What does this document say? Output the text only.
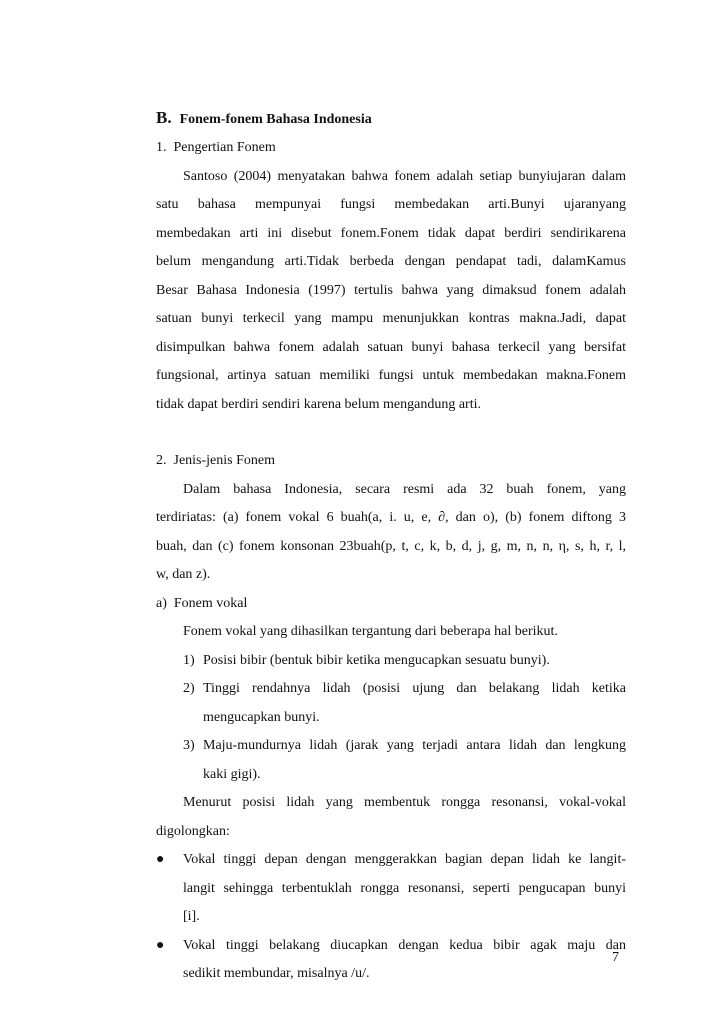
B. Fonem-fonem Bahasa Indonesia
1.  Pengertian Fonem
Santoso (2004) menyatakan bahwa fonem adalah setiap bunyiujaran dalam
satu bahasa mempunyai fungsi membedakan arti.Bunyi ujaranyang
membedakan arti ini disebut fonem.Fonem tidak dapat berdiri sendirikarena
belum mengandung arti.Tidak berbeda dengan pendapat tadi, dalamKamus
Besar Bahasa Indonesia (1997) tertulis bahwa yang dimaksud fonem adalah
satuan bunyi terkecil yang mampu menunjukkan kontras makna.Jadi, dapat
disimpulkan bahwa fonem adalah satuan bunyi bahasa terkecil yang bersifat
fungsional, artinya satuan memiliki fungsi untuk membedakan makna.Fonem
tidak dapat berdiri sendiri karena belum mengandung arti.
2.  Jenis-jenis Fonem
Dalam bahasa Indonesia, secara resmi ada 32 buah fonem, yang
terdiriatas: (a) fonem vokal 6 buah(a, i. u, e, ∂, dan o), (b) fonem diftong 3
buah, dan (c) fonem konsonan 23buah(p, t, c, k, b, d, j, g, m, n, n, η, s, h, r, l,
w, dan z).
a)  Fonem vokal
Fonem vokal yang dihasilkan tergantung dari beberapa hal berikut.
1) Posisi bibir (bentuk bibir ketika mengucapkan sesuatu bunyi).
2) Tinggi rendahnya lidah (posisi ujung dan belakang lidah ketika
mengucapkan bunyi.
3) Maju-mundurnya lidah (jarak yang terjadi antara lidah dan lengkung
kaki gigi).
Menurut posisi lidah yang membentuk rongga resonansi, vokal-vokal
digolongkan:
● Vokal tinggi depan dengan menggerakkan bagian depan lidah ke langit-
langit sehingga terbentuklah rongga resonansi, seperti pengucapan bunyi
[i].
● Vokal tinggi belakang diucapkan dengan kedua bibir agak maju dan
sedikit membundar, misalnya /u/.
7
